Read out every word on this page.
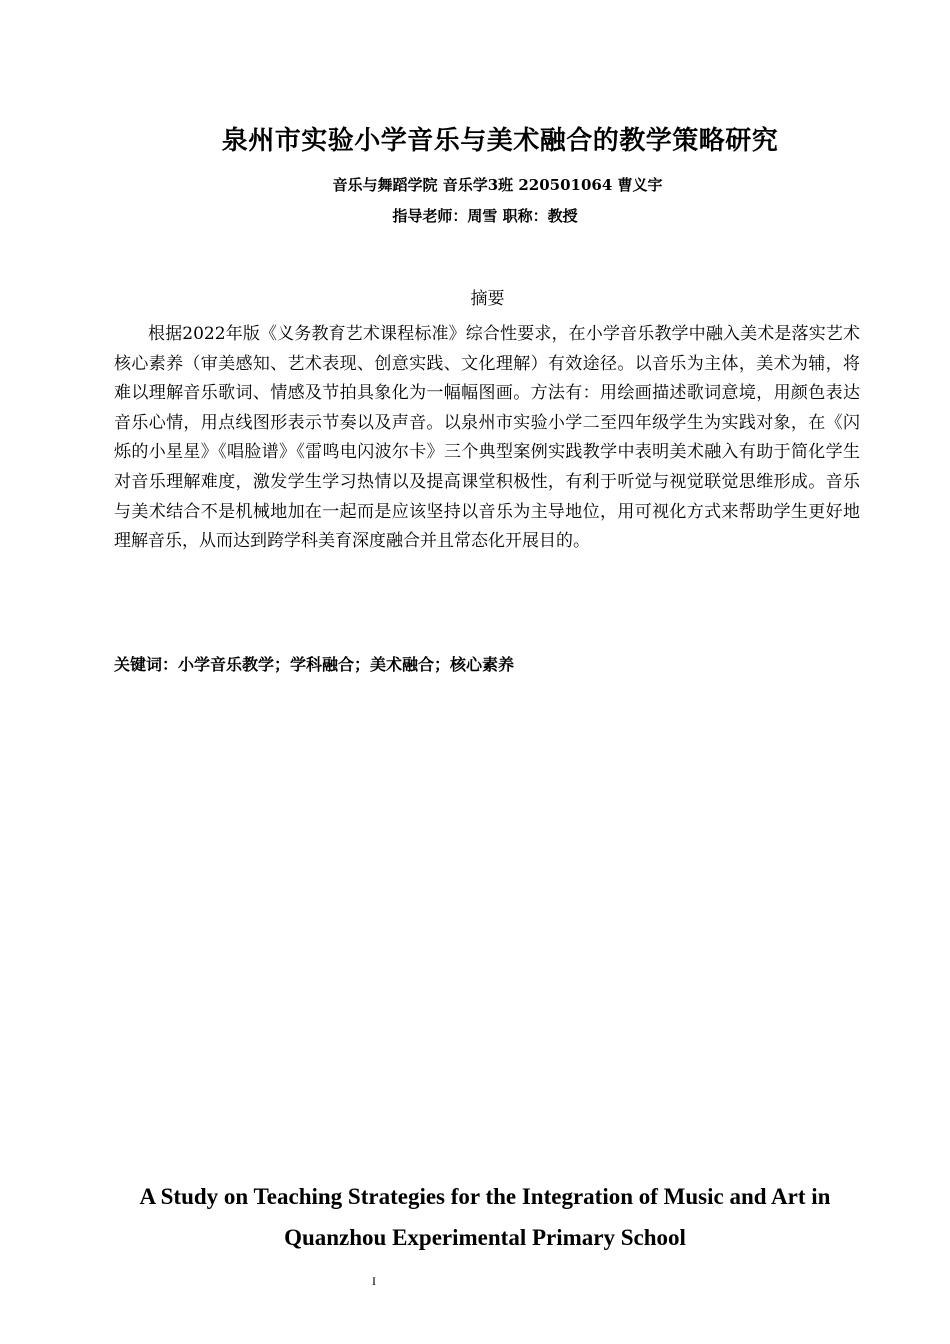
泉州市实验小学音乐与美术融合的教学策略研究
音乐与舞蹈学院 音乐学3班 220501064 曹义宇
指导老师：周雪 职称：教授
摘要

根据2022年版《义务教育艺术课程标准》综合性要求，在小学音乐教学中融入美术是落实艺术核心素养（审美感知、艺术表现、创意实践、文化理解）有效途径。以音乐为主体，美术为辅，将难以理解音乐歌词、情感及节拍具象化为一幅幅图画。方法有：用绘画描述歌词意境，用颜色表达音乐心情，用点线图形表示节奏以及声音。以泉州市实验小学二至四年级学生为实践对象，在《闪烁的小星星》《唱脸谱》《雷鸣电闪波尔卡》三个典型案例实践教学中表明美术融入有助于简化学生对音乐理解难度，激发学生学习热情以及提高课堂积极性，有利于听觉与视觉联觉思维形成。音乐与美术结合不是机械地加在一起而是应该坚持以音乐为主导地位，用可视化方式来帮助学生更好地理解音乐，从而达到跨学科美育深度融合并且常态化开展目的。

关键词：小学音乐教学；学科融合；美术融合；核心素养
A Study on Teaching Strategies for the Integration of Music and Art in Quanzhou Experimental Primary School
I
